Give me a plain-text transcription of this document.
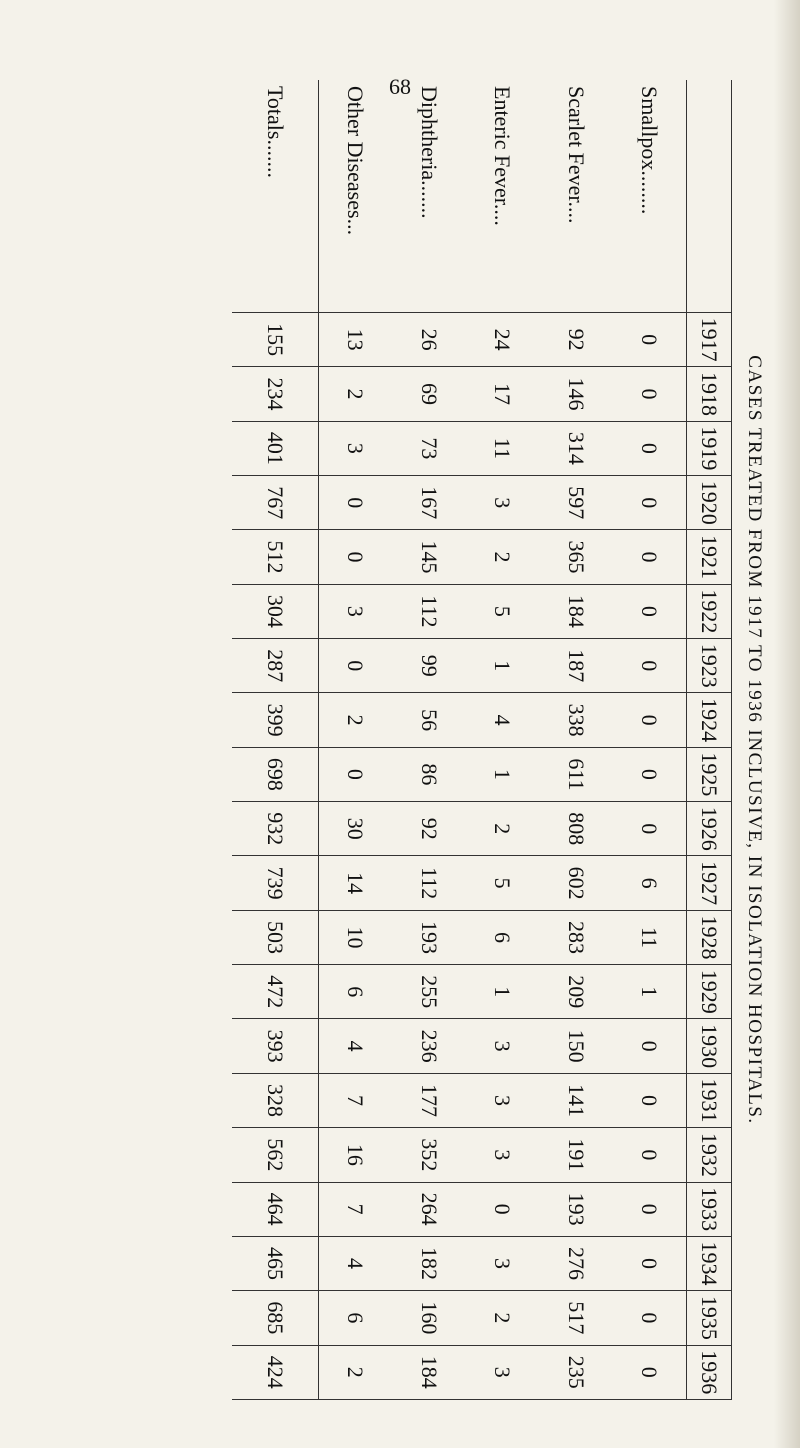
68
CASES TREATED FROM 1917 TO 1936 INCLUSIVE, IN ISOLATION HOSPITALS.
	1917	1918	1919	1920	1921	1922	1923	1924	1925	1926	1927	1928	1929	1930	1931	1932	1933	1934	1935	1936
Smallpox........	0	0	0	0	0	0	0	0	0	0	6	11	1	0	0	0	0	0	0	0
Scarlet Fever....	92	146	314	597	365	184	187	338	611	808	602	283	209	150	141	191	193	276	517	235
Enteric Fever....	24	17	11	3	2	5	1	4	1	2	5	6	1	3	3	3	0	3	2	3
Diphtheria.......	26	69	73	167	145	112	99	56	86	92	112	193	255	236	177	352	264	182	160	184
Other Diseases...	13	2	3	0	0	3	0	2	0	30	14	10	6	4	7	16	7	4	6	2
Totals.......	155	234	401	767	512	304	287	399	698	932	739	503	472	393	328	562	464	465	685	424
